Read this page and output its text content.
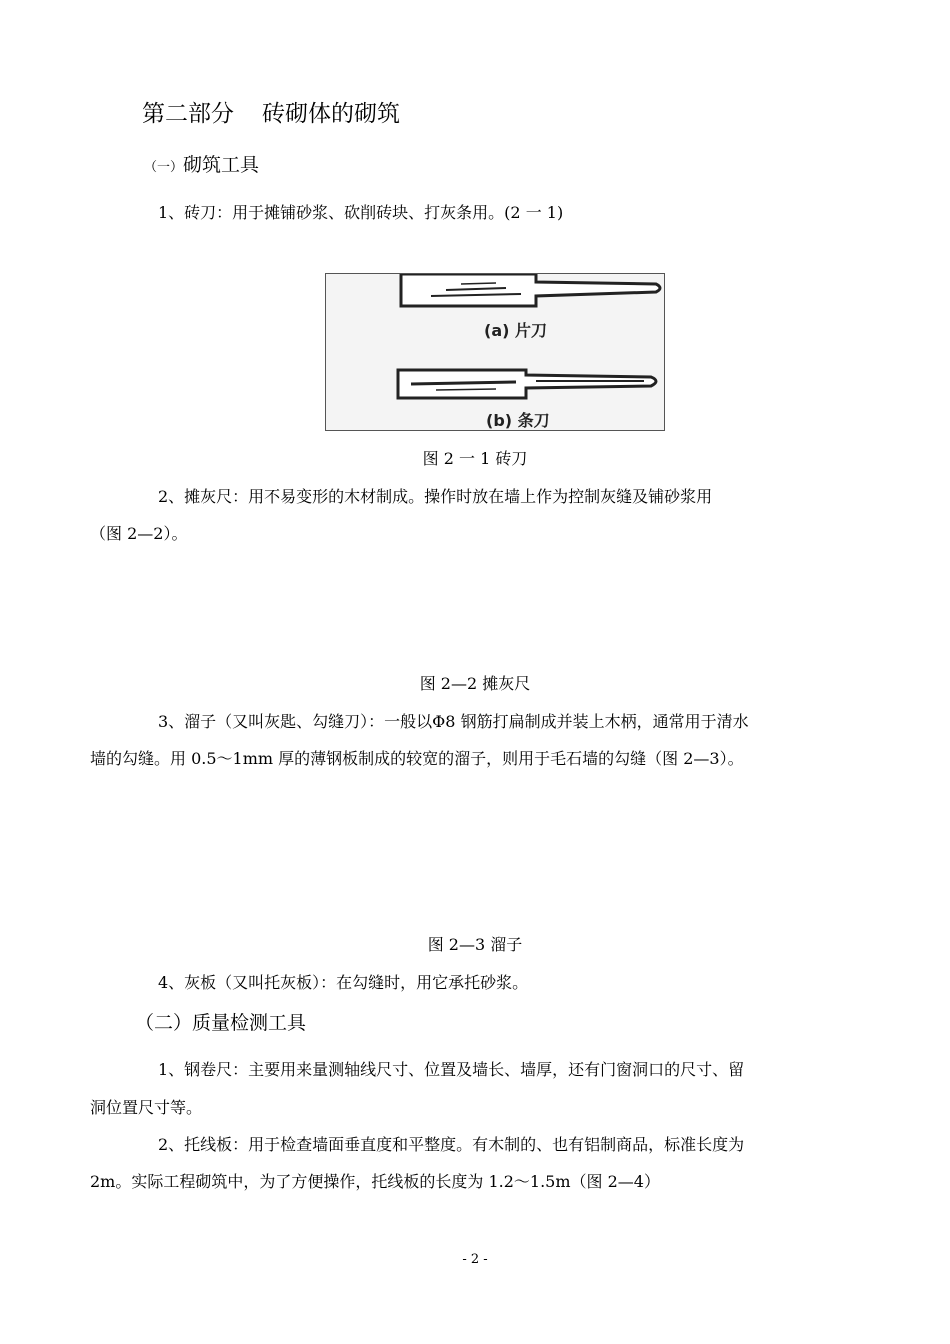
第二部分 砖砌体的砌筑
（一）砌筑工具
1、砖刀：用于摊铺砂浆、砍削砖块、打灰条用。(2 一 1)
(a) 片刀
(b) 条刀
图 2 一 1 砖刀
2、摊灰尺：用不易变形的木材制成。操作时放在墙上作为控制灰缝及铺砂浆用
（图 2—2）。
图 2—2 摊灰尺
3、溜子（又叫灰匙、勾缝刀）：一般以Φ8 钢筋打扁制成并装上木柄，通常用于清水
墙的勾缝。用 0.5～1mm 厚的薄钢板制成的较宽的溜子，则用于毛石墙的勾缝（图 2—3）。
图 2—3 溜子
4、灰板（又叫托灰板）：在勾缝时，用它承托砂浆。
（二）质量检测工具
1、钢卷尺：主要用来量测轴线尺寸、位置及墙长、墙厚，还有门窗洞口的尺寸、留
洞位置尺寸等。
2、托线板：用于检查墙面垂直度和平整度。有木制的、也有铝制商品，标准长度为
2m。实际工程砌筑中，为了方便操作，托线板的长度为 1.2～1.5m（图 2—4）
- 2 -
